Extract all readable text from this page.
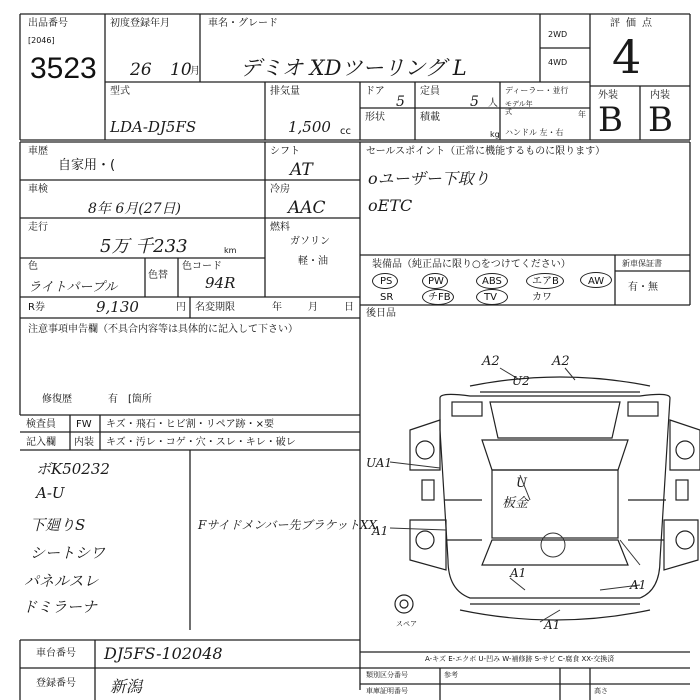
出品番号
[2046]
3523
初度登録年月
26 10
月
車名・グレード
デミオ XDツーリング L
2WD
4WD
評価点
4
外装	内装
B B
型式
LDA-DJ5FS
排気量
1,500 cc
ドア
5
定員
5 人
形状	積載
kg
ディーラー・並行
モデル年式	年
ハンドル 左・右
車歴
自家用・(
シフト
AT
車検
8年 6月(27日)
冷房
AAC
走行
5万 千233	km
燃料
ガソリン
軽・油
色
ライトパープル
色替
色コード
94R
R券	9,130	円 名変期限	年	月	日
注意事項申告欄（不具合内容等は具体的に記入して下さい）
修復歴	有 [箇所
検査員
記入欄
FW キズ・飛石・ヒビ割・リペア跡・×要
内装 キズ・汚レ・コゲ・穴・スレ・キレ・破レ
ボK50232
A-U
下廻りS
シートシワ
パネルスレ
ドミラーナ
Fサイドメンバー先ブラケットXX
セールスポイント（正常に機能するものに限ります）
oユーザー下取り
oETC
装備品（純正品に限り○をつけてください）
PS	PW	ABS	エアB	AW
SR	チFB	TV	カワ
新車保証書
有・無
後日品
A2	A2
U2
UA1
U
板金
A1
A1
A1
A1
スペア
A-キズ E-エクボ U-凹み W-補修跡 S-サビ C-腐食 XX-交換済
類別区分番号	参考
車庫証明番号	高さ
車台番号 DJ5FS-102048
登録番号 新潟
